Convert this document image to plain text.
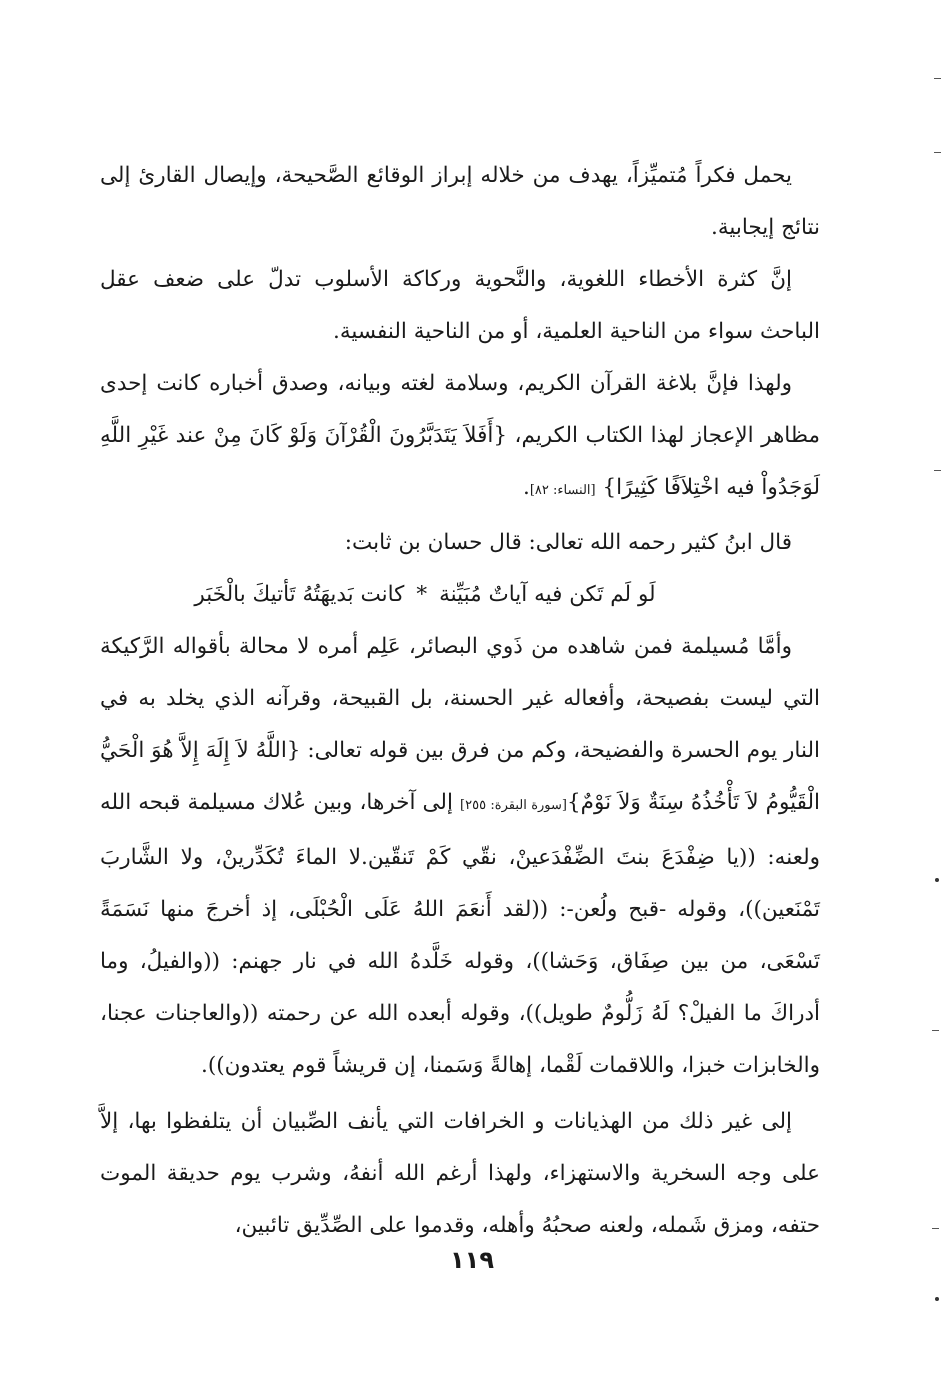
يحمل فكراً مُتميِّزاً، يهدف من خلاله إبراز الوقائع الصَّحيحة، وإيصال القارئ إلى نتائج إيجابية.

إنَّ كثرة الأخطاء اللغوية، والنَّحوية وركاكة الأسلوب تدلّ على ضعف عقل الباحث سواء من الناحية العلمية، أو من الناحية النفسية.

ولهذا فإنَّ بلاغة القرآن الكريم، وسلامة لغته وبيانه، وصدق أخباره كانت إحدى مظاهر الإعجاز لهذا الكتاب الكريم، {أَفَلاَ يَتَدَبَّرُونَ الْقُرْآنَ وَلَوْ كَانَ مِنْ عند غَيْرِ اللَّهِ لَوَجَدُواْ فيه اخْتِلاَفًا كَثِيرًا} [النساء: ٨٢].

قال ابنُ كثير رحمه الله تعالى: قال حسان بن ثابت:

لَو لَم تَكن فيه آياتٌ مُبَيِّنة*كانت بَديهَتُهُ تَأتيكَ بالْخَبَر

وأمَّا مُسيلمة فمن شاهده من ذَوي البصائر، عَلِم أمره لا محالة بأقواله الرَّكيكة التي ليست بفصيحة، وأفعاله غير الحسنة، بل القبيحة، وقرآنه الذي يخلد به في النار يوم الحسرة والفضيحة، وكم من فرق بين قوله تعالى: {اللَّهُ لاَ إِلَهَ إِلاَّ هُوَ الْحَيُّ الْقَيُّومُ لاَ تَأْخُذُهُ سِنَةٌ وَلاَ نَوْمٌ}[سورة البقرة: ٢٥٥] إلى آخرها، وبين عُلاك مسيلمة قبحه الله ولعنه: ((يا ضِفْدَعَ بنتَ الضِّفْدَعينْ، نقّي كَمْ تَنقّين.لا الماءَ تُكَدِّرينْ، ولا الشَّاربَ تَمْنَعين))، وقوله -قبح ولُعن-: ((لقد أَنعَمَ اللهُ عَلَى الْحُبْلَى، إذ أخرجَ منها نَسَمَةً تَسْعَى، من بين صِفَاق، وَحَشا))، وقوله خَلَّدهُ الله في نار جهنم: ((والفيلُ، وما أدراكَ ما الفيلْ؟ لَهُ زَلُّومٌ طويل))، وقوله أبعده الله عن رحمته ((والعاجنات عجنا، والخابزات خبزا، واللاقمات لَقْما، إهالةً وَسَمنا، إن قريشاً قوم يعتدون)).

إلى غير ذلك من الهذيانات و الخرافات التي يأنف الصِّبيان أن يتلفظوا بها، إلاَّ على وجه السخرية والاستهزاء، ولهذا أرغم الله أنفهُ، وشرب يوم حديقة الموت حتفه، ومزق شَمله، ولعنه صحبُهُ وأهله، وقدموا على الصِّدِّيق تائبين،

١١٩
